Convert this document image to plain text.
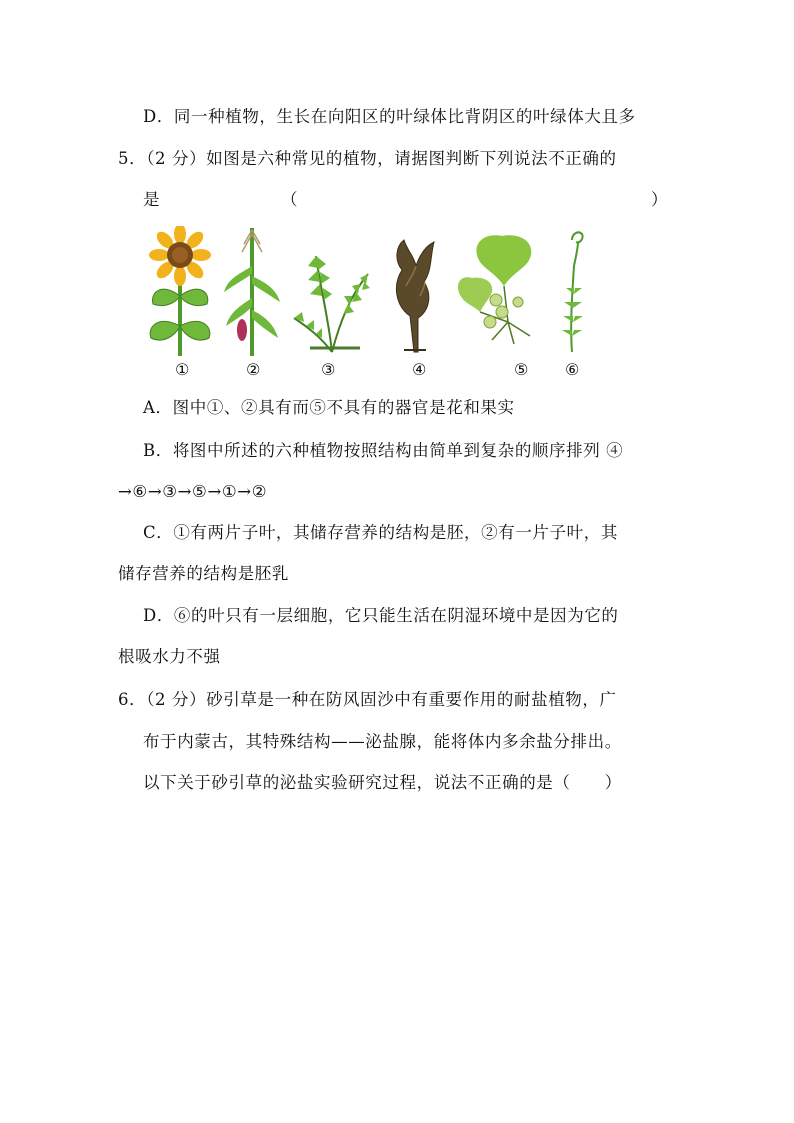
D．同一种植物，生长在向阳区的叶绿体比背阴区的叶绿体大且多
5．（2 分）如图是六种常见的植物，请据图判断下列说法不正确的
是	（	）
①	②	③	④	⑤ ⑥
A．图中①、②具有而⑤不具有的器官是花和果实
B．将图中所述的六种植物按照结构由简单到复杂的顺序排列 ④
→⑥→③→⑤→①→②
C．①有两片子叶，其储存营养的结构是胚，②有一片子叶，其
储存营养的结构是胚乳
D．⑥的叶只有一层细胞，它只能生活在阴湿环境中是因为它的
根吸水力不强
6．（2 分）砂引草是一种在防风固沙中有重要作用的耐盐植物，广
布于内蒙古，其特殊结构——泌盐腺，能将体内多余盐分排出。
以下关于砂引草的泌盐实验研究过程，说法不正确的是（　　）
